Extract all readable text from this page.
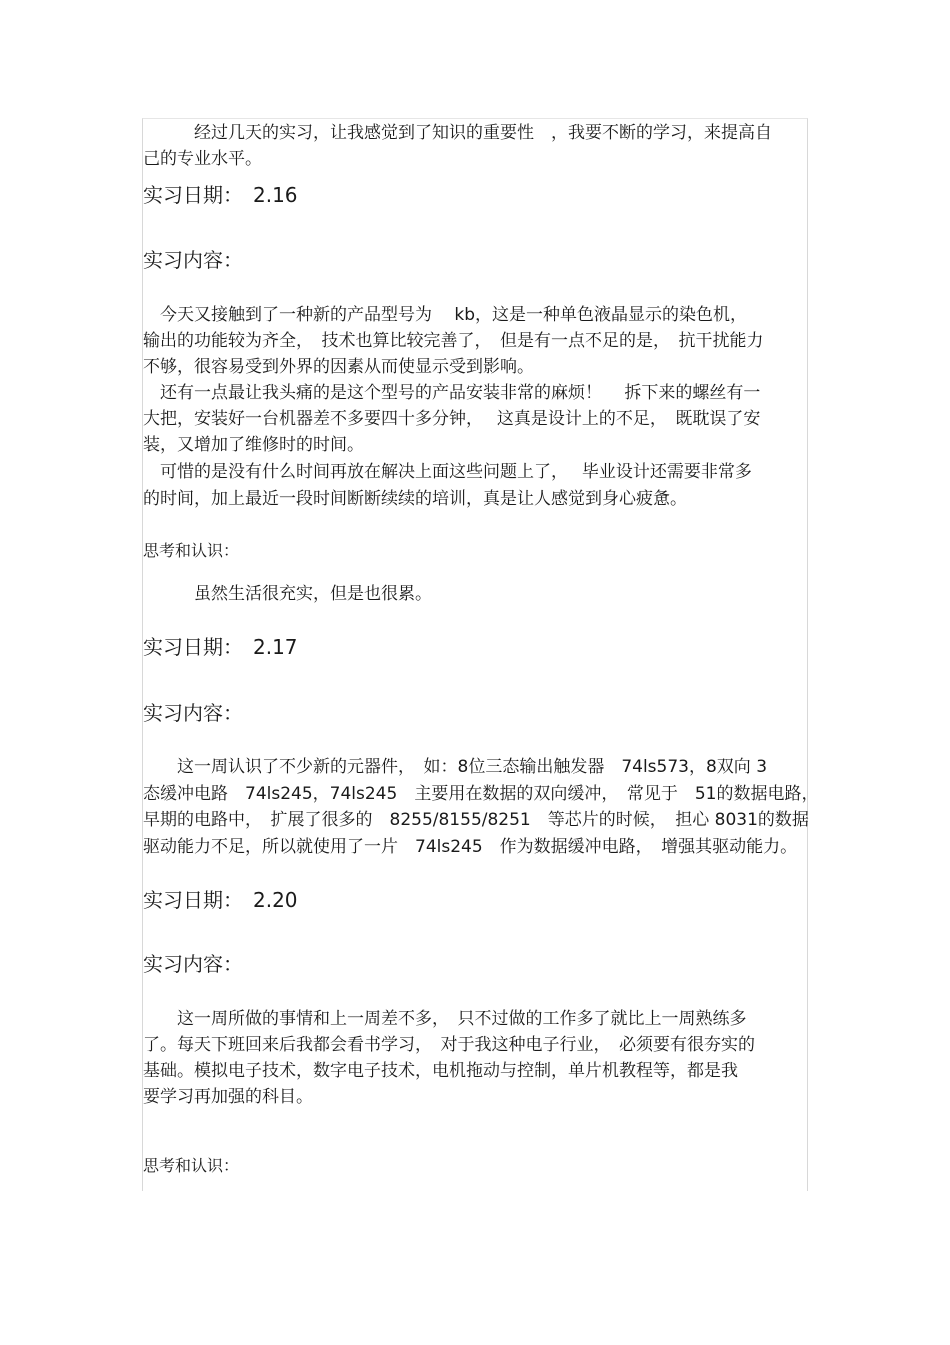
　　　经过几天的实习，让我感觉到了知识的重要性　，我要不断的学习，来提高自
己的专业水平。
实习日期：　2.16
实习内容：
　今天又接触到了一种新的产品型号为　 kb，这是一种单色液晶显示的染色机，
输出的功能较为齐全，　技术也算比较完善了，　但是有一点不足的是，　抗干扰能力
不够，很容易受到外界的因素从而使显示受到影响。
　还有一点最让我头痛的是这个型号的产品安装非常的麻烦！　 拆下来的螺丝有一
大把，安装好一台机器差不多要四十多分钟，　 这真是设计上的不足，　既耽误了安
装，又增加了维修时的时间。
　可惜的是没有什么时间再放在解决上面这些问题上了，　 毕业设计还需要非常多
的时间，加上最近一段时间断断续续的培训，真是让人感觉到身心疲惫。
思考和认识：
　　　虽然生活很充实，但是也很累。
实习日期：　2.17
实习内容：
　　这一周认识了不少新的元器件，　如：8位三态输出触发器　74ls573，8双向 3
态缓冲电路　74ls245，74ls245　主要用在数据的双向缓冲，　常见于　51的数据电路，
早期的电路中，　扩展了很多的　8255/8155/8251　等芯片的时候，　担心 8031的数据
驱动能力不足，所以就使用了一片　74ls245　作为数据缓冲电路，　增强其驱动能力。
实习日期：　2.20
实习内容：
　　这一周所做的事情和上一周差不多，　只不过做的工作多了就比上一周熟练多
了。每天下班回来后我都会看书学习，　对于我这种电子行业，　必须要有很夯实的
基础。模拟电子技术，数字电子技术，电机拖动与控制，单片机教程等，都是我
要学习再加强的科目。
思考和认识：
